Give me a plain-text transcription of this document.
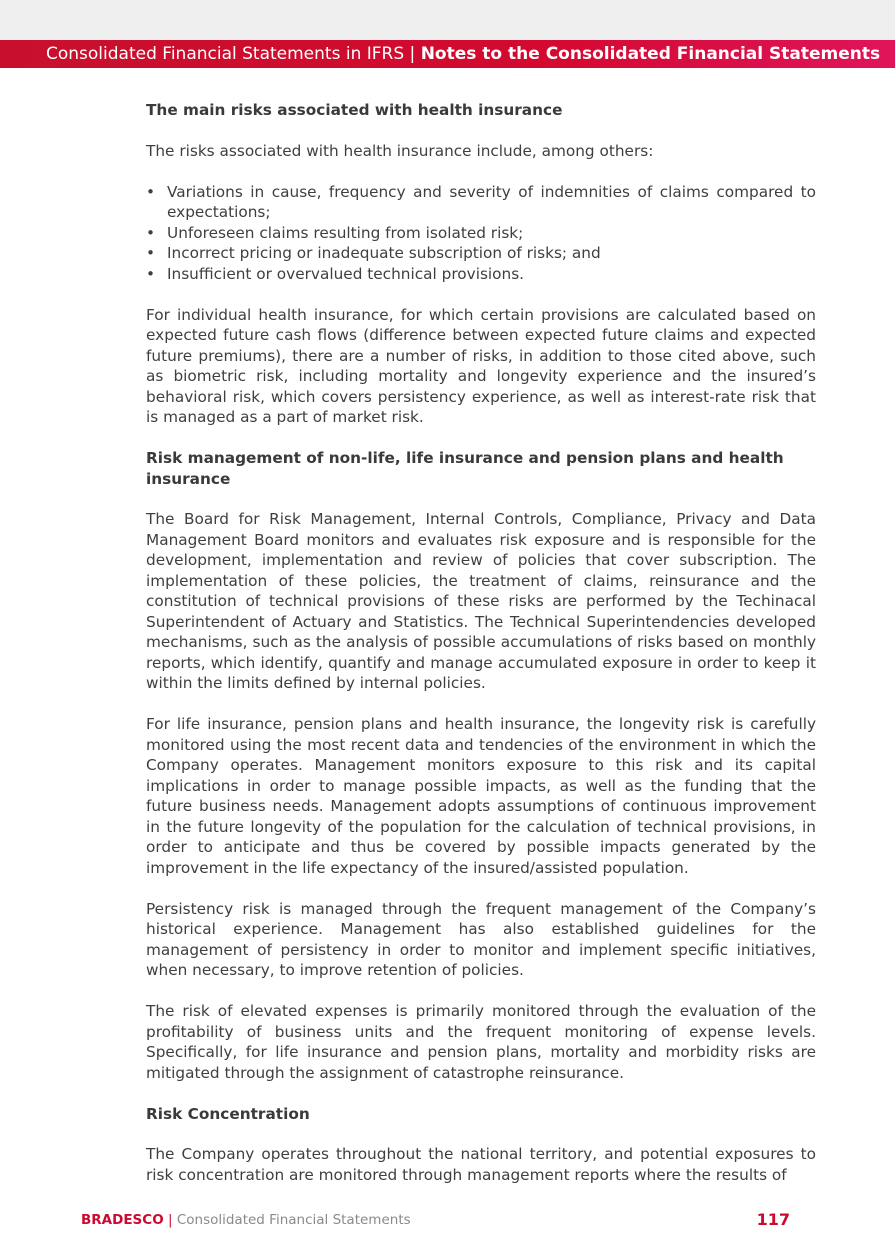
Consolidated Financial Statements in IFRS | Notes to the Consolidated Financial Statements
The main risks associated with health insurance

The risks associated with health insurance include, among others:

• Variations in cause, frequency and severity of indemnities of claims compared to expectations;
• Unforeseen claims resulting from isolated risk;
• Incorrect pricing or inadequate subscription of risks; and
• Insufficient or overvalued technical provisions.

For individual health insurance, for which certain provisions are calculated based on expected future cash flows (difference between expected future claims and expected future premiums), there are a number of risks, in addition to those cited above, such as biometric risk, including mortality and longevity experience and the insured’s behavioral risk, which covers persistency experience, as well as interest-rate risk that is managed as a part of market risk.

Risk management of non-life, life insurance and pension plans and health insurance

The Board for Risk Management, Internal Controls, Compliance, Privacy and Data Management Board monitors and evaluates risk exposure and is responsible for the development, implementation and review of policies that cover subscription. The implementation of these policies, the treatment of claims, reinsurance and the constitution of technical provisions of these risks are performed by the Techinacal Superintendent of Actuary and Statistics. The Technical Superintendencies developed mechanisms, such as the analysis of possible accumulations of risks based on monthly reports, which identify, quantify and manage accumulated exposure in order to keep it within the limits defined by internal policies.

For life insurance, pension plans and health insurance, the longevity risk is carefully monitored using the most recent data and tendencies of the environment in which the Company operates. Management monitors exposure to this risk and its capital implications in order to manage possible impacts, as well as the funding that the future business needs. Management adopts assumptions of continuous improvement in the future longevity of the population for the calculation of technical provisions, in order to anticipate and thus be covered by possible impacts generated by the improvement in the life expectancy of the insured/assisted population.

Persistency risk is managed through the frequent management of the Company’s historical experience. Management has also established guidelines for the management of persistency in order to monitor and implement specific initiatives, when necessary, to improve retention of policies.

The risk of elevated expenses is primarily monitored through the evaluation of the profitability of business units and the frequent monitoring of expense levels. Specifically, for life insurance and pension plans, mortality and morbidity risks are mitigated through the assignment of catastrophe reinsurance.

Risk Concentration

The Company operates throughout the national territory, and potential exposures to risk concentration are monitored through management reports where the results of

BRADESCO | Consolidated Financial Statements	117
